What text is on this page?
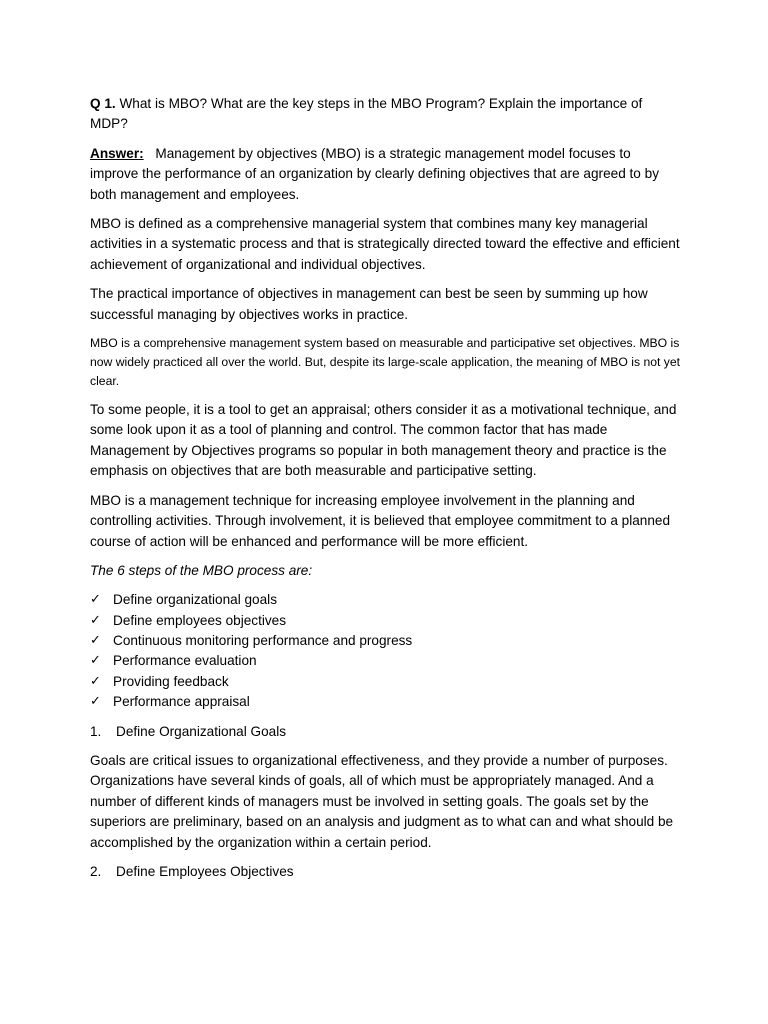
Q 1. What is MBO? What are the key steps in the MBO Program? Explain the importance of MDP?

Answer: Management by objectives (MBO) is a strategic management model focuses to improve the performance of an organization by clearly defining objectives that are agreed to by both management and employees.

MBO is defined as a comprehensive managerial system that combines many key managerial activities in a systematic process and that is strategically directed toward the effective and efficient achievement of organizational and individual objectives.

The practical importance of objectives in management can best be seen by summing up how successful managing by objectives works in practice.

MBO is a comprehensive management system based on measurable and participative set objectives. MBO is now widely practiced all over the world. But, despite its large-scale application, the meaning of MBO is not yet clear.

To some people, it is a tool to get an appraisal; others consider it as a motivational technique, and some look upon it as a tool of planning and control. The common factor that has made Management by Objectives programs so popular in both management theory and practice is the emphasis on objectives that are both measurable and participative setting.

MBO is a management technique for increasing employee involvement in the planning and controlling activities. Through involvement, it is believed that employee commitment to a planned course of action will be enhanced and performance will be more efficient.

The 6 steps of the MBO process are:

✓ Define organizational goals
✓ Define employees objectives
✓ Continuous monitoring performance and progress
✓ Performance evaluation
✓ Providing feedback
✓ Performance appraisal

1. Define Organizational Goals

Goals are critical issues to organizational effectiveness, and they provide a number of purposes. Organizations have several kinds of goals, all of which must be appropriately managed. And a number of different kinds of managers must be involved in setting goals. The goals set by the superiors are preliminary, based on an analysis and judgment as to what can and what should be accomplished by the organization within a certain period.

2. Define Employees Objectives
